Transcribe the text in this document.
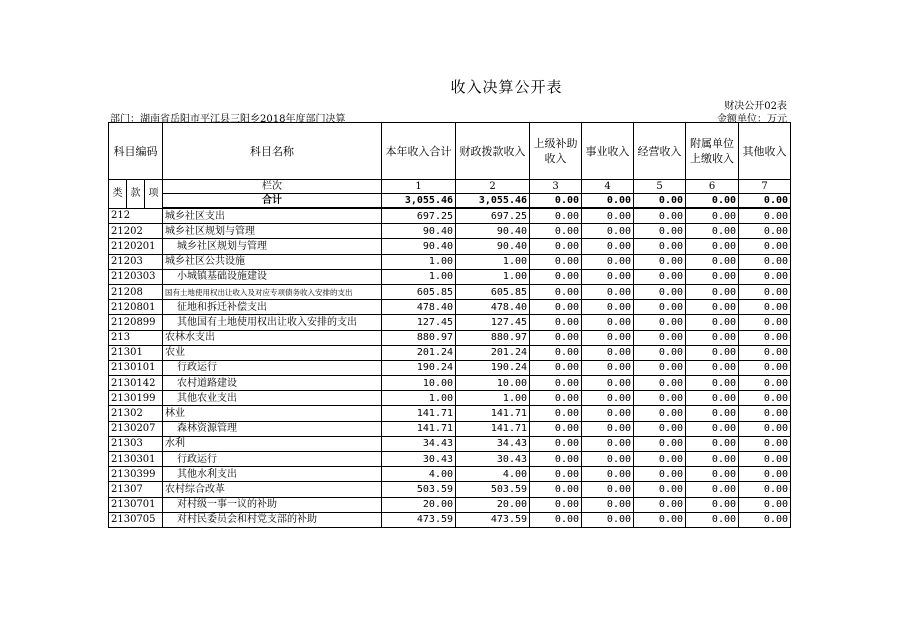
收入决算公开表
财决公开02表
部门：湖南省岳阳市平江县三阳乡2018年度部门决算	金额单位：万元
科目编码			科目名称	本年收入合计	财政拨款收入	上级补助收入	事业收入	经营收入	附属单位上缴收入	其他收入
类	款	项	栏次	1	2	3	4	5	6	7
			合计	3,055.46	3,055.46	0.00	0.00	0.00	0.00	0.00
212			城乡社区支出	697.25	697.25	0.00	0.00	0.00	0.00	0.00
21202			城乡社区规划与管理	90.40	90.40	0.00	0.00	0.00	0.00	0.00
2120201			城乡社区规划与管理	90.40	90.40	0.00	0.00	0.00	0.00	0.00
21203			城乡社区公共设施	1.00	1.00	0.00	0.00	0.00	0.00	0.00
2120303			小城镇基础设施建设	1.00	1.00	0.00	0.00	0.00	0.00	0.00
21208			国有土地使用权出让收入及对应专项债务收入安排的支出	605.85	605.85	0.00	0.00	0.00	0.00	0.00
2120801			征地和拆迁补偿支出	478.40	478.40	0.00	0.00	0.00	0.00	0.00
2120899			其他国有土地使用权出让收入安排的支出	127.45	127.45	0.00	0.00	0.00	0.00	0.00
213			农林水支出	880.97	880.97	0.00	0.00	0.00	0.00	0.00
21301			农业	201.24	201.24	0.00	0.00	0.00	0.00	0.00
2130101			行政运行	190.24	190.24	0.00	0.00	0.00	0.00	0.00
2130142			农村道路建设	10.00	10.00	0.00	0.00	0.00	0.00	0.00
2130199			其他农业支出	1.00	1.00	0.00	0.00	0.00	0.00	0.00
21302			林业	141.71	141.71	0.00	0.00	0.00	0.00	0.00
2130207			森林资源管理	141.71	141.71	0.00	0.00	0.00	0.00	0.00
21303			水利	34.43	34.43	0.00	0.00	0.00	0.00	0.00
2130301			行政运行	30.43	30.43	0.00	0.00	0.00	0.00	0.00
2130399			其他水利支出	4.00	4.00	0.00	0.00	0.00	0.00	0.00
21307			农村综合改革	503.59	503.59	0.00	0.00	0.00	0.00	0.00
2130701			对村级一事一议的补助	20.00	20.00	0.00	0.00	0.00	0.00	0.00
2130705			对村民委员会和村党支部的补助	473.59	473.59	0.00	0.00	0.00	0.00	0.00
